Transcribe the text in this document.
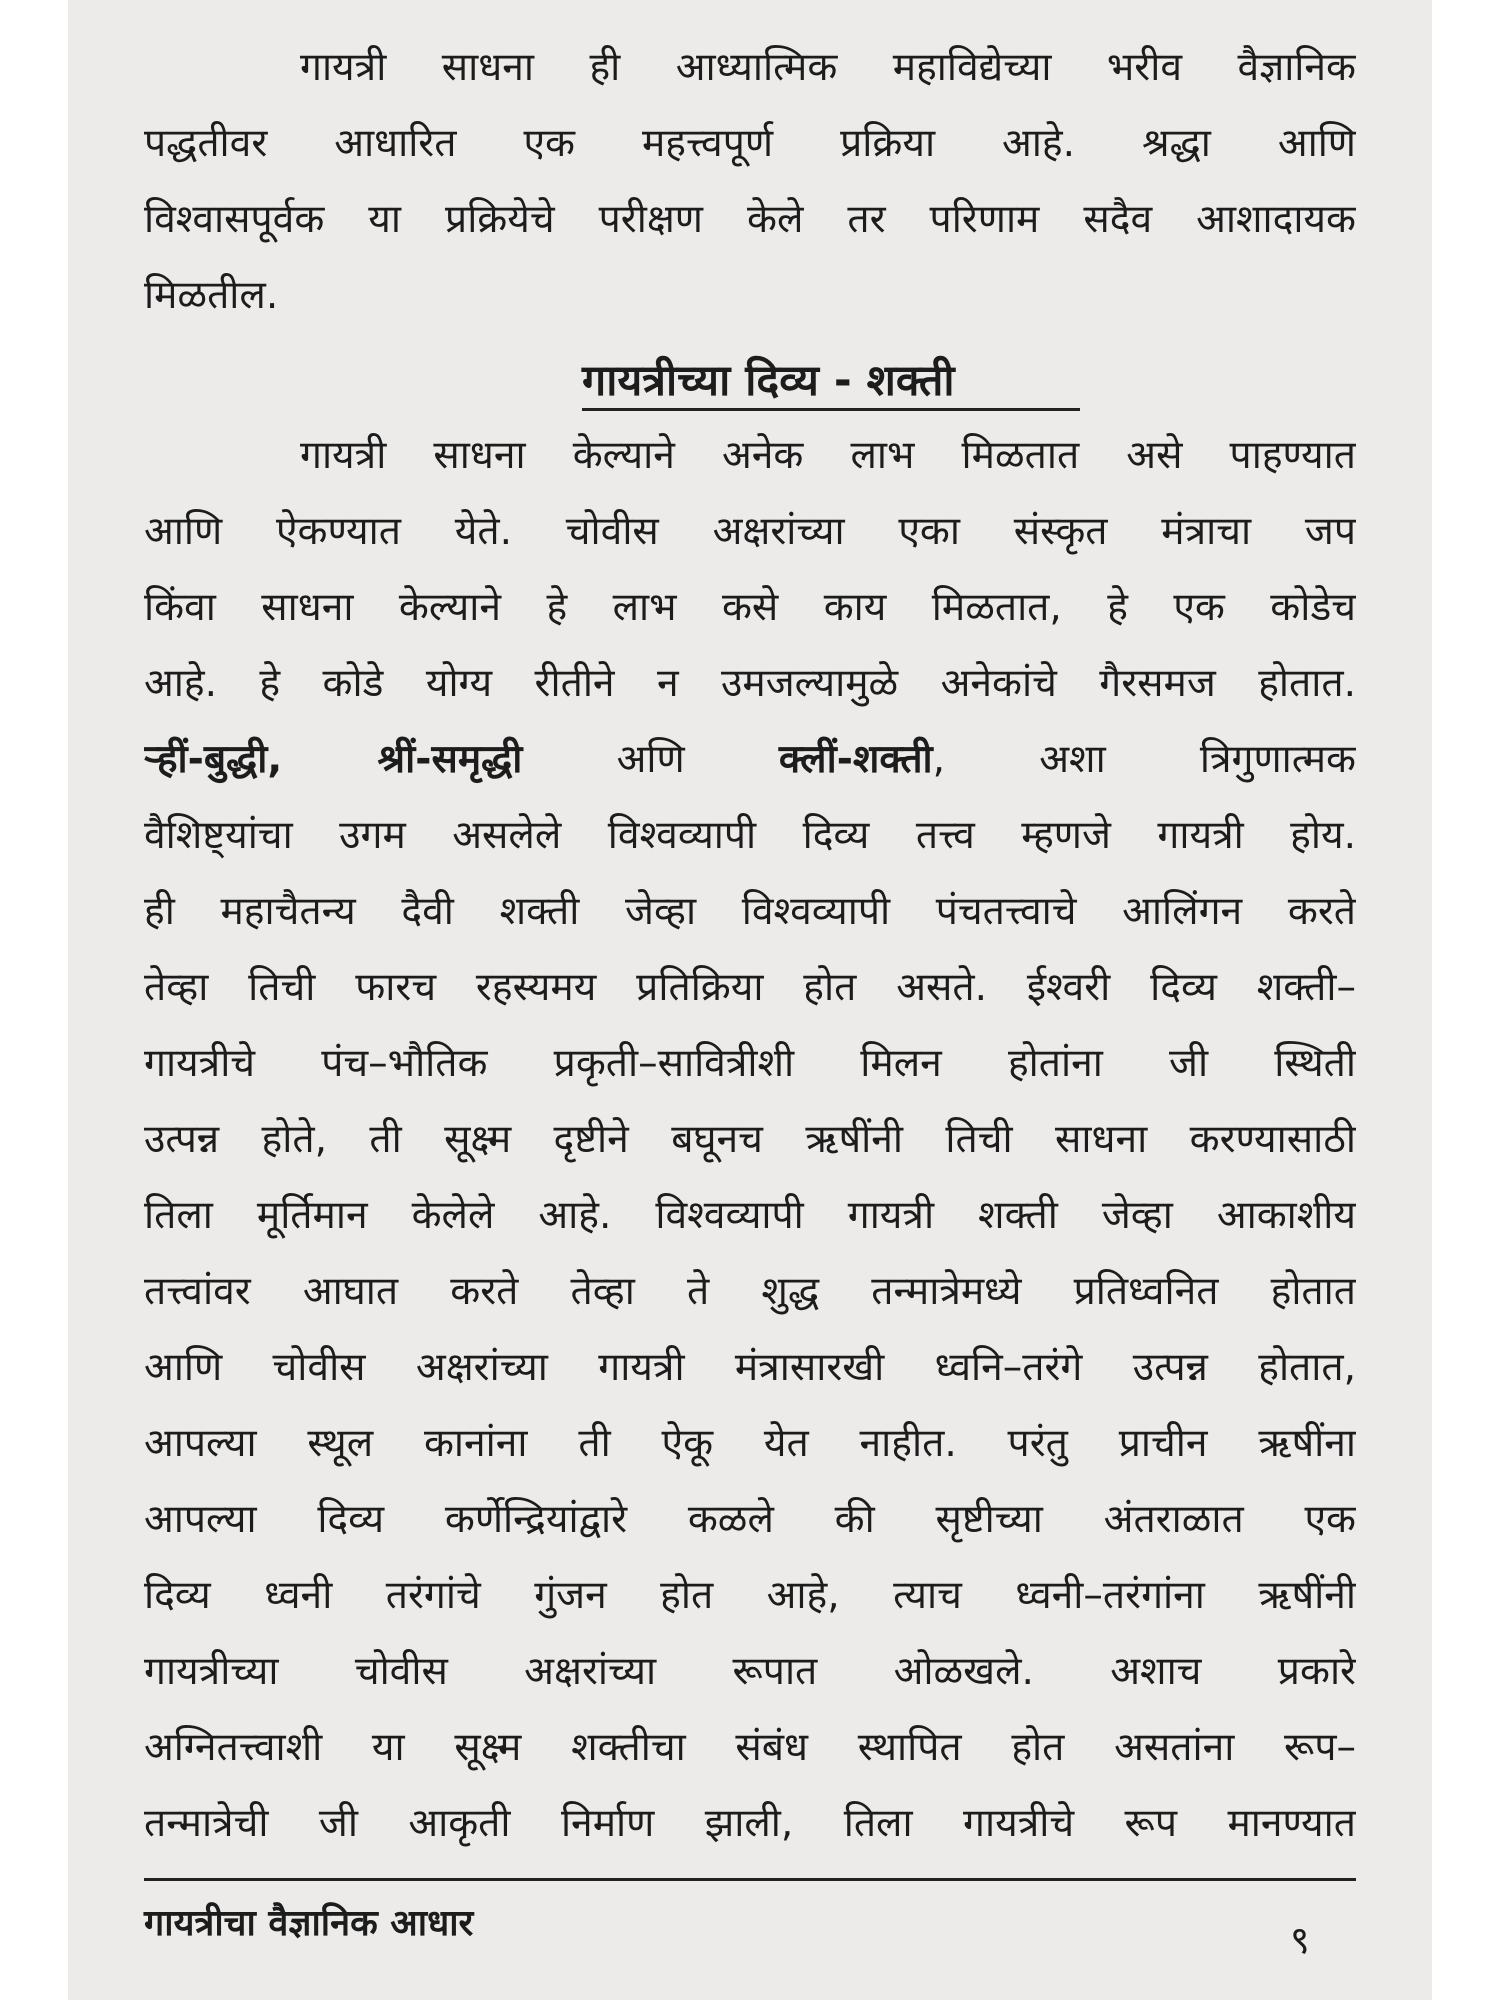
गायत्री साधना ही आध्यात्मिक महाविद्येच्या भरीव वैज्ञानिक
पद्धतीवर आधारित एक महत्त्वपूर्ण प्रक्रिया आहे. श्रद्धा आणि
विश्वासपूर्वक या प्रक्रियेचे परीक्षण केले तर परिणाम सदैव आशादायक
मिळतील.
गायत्रीच्या दिव्य - शक्ती
गायत्री साधना केल्याने अनेक लाभ मिळतात असे पाहण्यात
आणि ऐकण्यात येते. चोवीस अक्षरांच्या एका संस्कृत मंत्राचा जप
किंवा साधना केल्याने हे लाभ कसे काय मिळतात, हे एक कोडेच
आहे. हे कोडे योग्य रीतीने न उमजल्यामुळे अनेकांचे गैरसमज होतात.
ऱ्हीं-बुद्धी, श्रीं-समृद्धी अणि क्लीं-शक्ती, अशा त्रिगुणात्मक
वैशिष्ट्यांचा उगम असलेले विश्वव्यापी दिव्य तत्त्व म्हणजे गायत्री होय.
ही महाचैतन्य दैवी शक्ती जेव्हा विश्वव्यापी पंचतत्त्वाचे आलिंगन करते
तेव्हा तिची फारच रहस्यमय प्रतिक्रिया होत असते. ईश्वरी दिव्य शक्ती–
गायत्रीचे पंच–भौतिक प्रकृती–सावित्रीशी मिलन होतांना जी स्थिती
उत्पन्न होते, ती सूक्ष्म दृष्टीने बघूनच ऋषींनी तिची साधना करण्यासाठी
तिला मूर्तिमान केलेले आहे. विश्वव्यापी गायत्री शक्ती जेव्हा आकाशीय
तत्त्वांवर आघात करते तेव्हा ते शुद्ध तन्मात्रेमध्ये प्रतिध्वनित होतात
आणि चोवीस अक्षरांच्या गायत्री मंत्रासारखी ध्वनि–तरंगे उत्पन्न होतात,
आपल्या स्थूल कानांना ती ऐकू येत नाहीत. परंतु प्राचीन ऋषींना
आपल्या दिव्य कर्णेन्द्रियांद्वारे कळले की सृष्टीच्या अंतराळात एक
दिव्य ध्वनी तरंगांचे गुंजन होत आहे, त्याच ध्वनी–तरंगांना ऋषींनी
गायत्रीच्या चोवीस अक्षरांच्या रूपात ओळखले. अशाच प्रकारे
अग्नितत्त्वाशी या सूक्ष्म शक्तीचा संबंध स्थापित होत असतांना रूप–
तन्मात्रेची जी आकृती निर्माण झाली, तिला गायत्रीचे रूप मानण्यात
गायत्रीचा वैज्ञानिक आधार	९
